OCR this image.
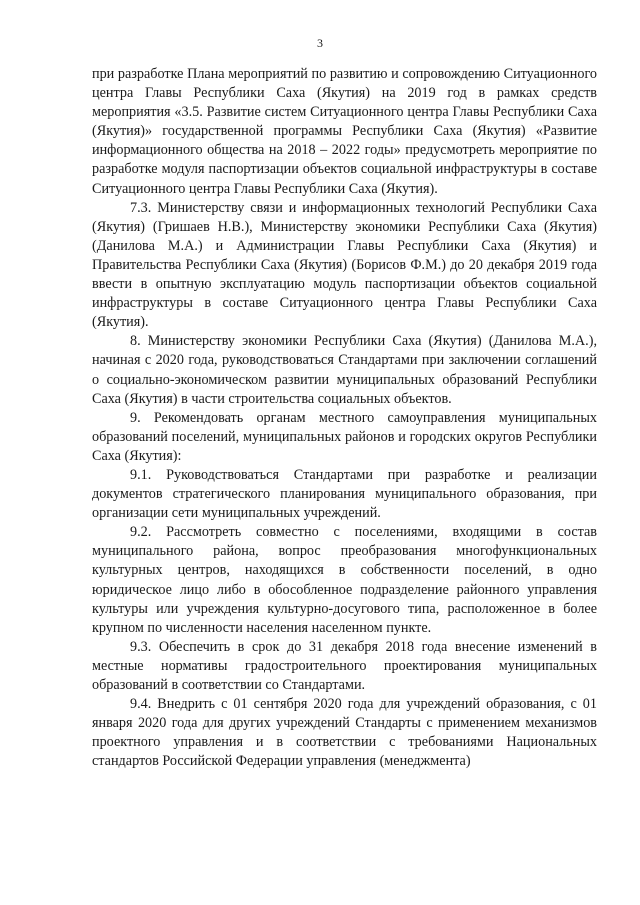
3

при разработке Плана мероприятий по развитию и сопровождению Ситуационного центра Главы Республики Саха (Якутия) на 2019 год в рамках средств мероприятия «3.5. Развитие систем Ситуационного центра Главы Республики Саха (Якутия)» государственной программы Республики Саха (Якутия) «Развитие информационного общества на 2018 – 2022 годы» предусмотреть мероприятие по разработке модуля паспортизации объектов социальной инфраструктуры в составе Ситуационного центра Главы Республики Саха (Якутия).

7.3. Министерству связи и информационных технологий Республики Саха (Якутия) (Гришаев Н.В.), Министерству экономики Республики Саха (Якутия) (Данилова М.А.) и Администрации Главы Республики Саха (Якутия) и Правительства Республики Саха (Якутия) (Борисов Ф.М.) до 20 декабря 2019 года ввести в опытную эксплуатацию модуль паспортизации объектов социальной инфраструктуры в составе Ситуационного центра Главы Республики Саха (Якутия).

8. Министерству экономики Республики Саха (Якутия) (Данилова М.А.), начиная с 2020 года, руководствоваться Стандартами при заключении соглашений о социально-экономическом развитии муниципальных образований Республики Саха (Якутия) в части строительства социальных объектов.

9. Рекомендовать органам местного самоуправления муниципальных образований поселений, муниципальных районов и городских округов Республики Саха (Якутия):

9.1. Руководствоваться Стандартами при разработке и реализации документов стратегического планирования муниципального образования, при организации сети муниципальных учреждений.

9.2. Рассмотреть совместно с поселениями, входящими в состав муниципального района, вопрос преобразования многофункциональных культурных центров, находящихся в собственности поселений, в одно юридическое лицо либо в обособленное подразделение районного управления культуры или учреждения культурно-досугового типа, расположенное в более крупном по численности населения населенном пункте.

9.3. Обеспечить в срок до 31 декабря 2018 года внесение изменений в местные нормативы градостроительного проектирования муниципальных образований в соответствии со Стандартами.

9.4. Внедрить с 01 сентября 2020 года для учреждений образования, с 01 января 2020 года для других учреждений Стандарты с применением механизмов проектного управления и в соответствии с требованиями Национальных стандартов Российской Федерации управления (менеджмента)
